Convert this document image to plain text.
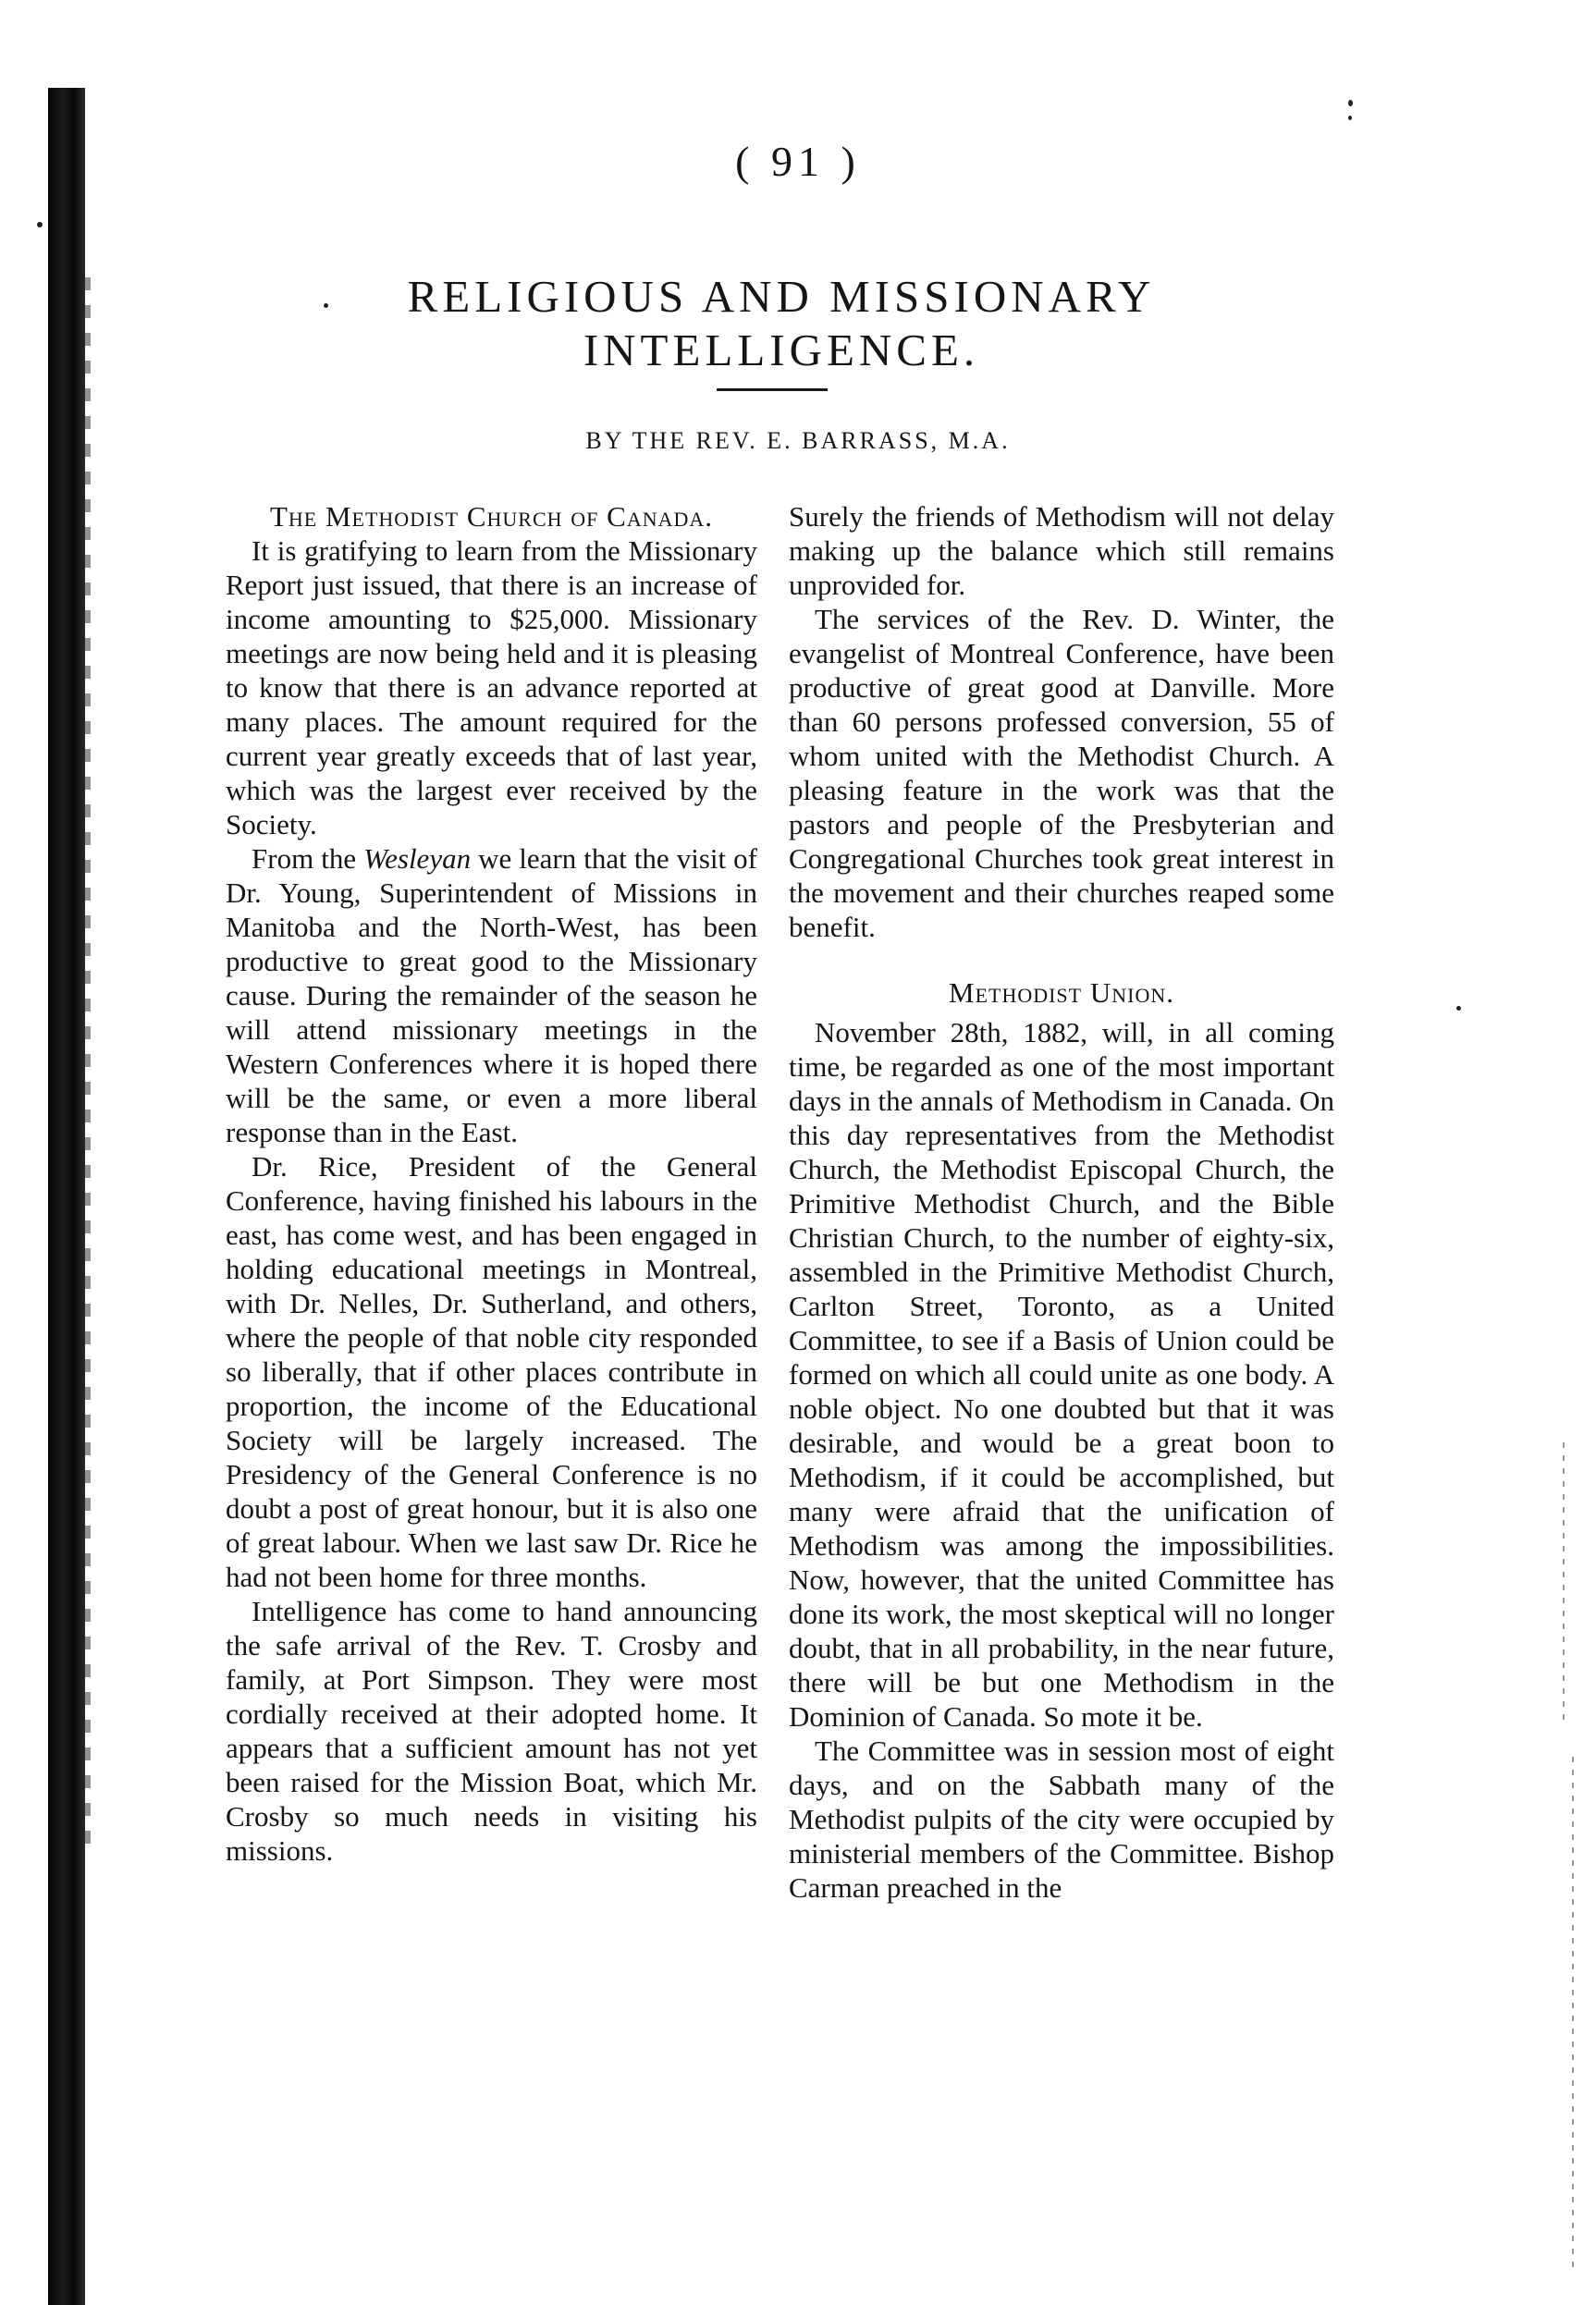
( 91 )
RELIGIOUS AND MISSIONARY
INTELLIGENCE.
BY THE REV. E. BARRASS, M.A.

The Methodist Church of Canada.

It is gratifying to learn from the Missionary Report just issued, that there is an increase of income amounting to $25,000. Missionary meetings are now being held and it is pleasing to know that there is an advance reported at many places. The amount required for the current year greatly exceeds that of last year, which was the largest ever received by the Society.

From the Wesleyan we learn that the visit of Dr. Young, Superintendent of Missions in Manitoba and the North-West, has been productive to great good to the Missionary cause. During the remainder of the season he will attend missionary meetings in the Western Conferences where it is hoped there will be the same, or even a more liberal response than in the East.

Dr. Rice, President of the General Conference, having finished his labours in the east, has come west, and has been engaged in holding educational meetings in Montreal, with Dr. Nelles, Dr. Sutherland, and others, where the people of that noble city responded so liberally, that if other places contribute in proportion, the income of the Educational Society will be largely increased. The Presidency of the General Conference is no doubt a post of great honour, but it is also one of great labour. When we last saw Dr. Rice he had not been home for three months.

Intelligence has come to hand announcing the safe arrival of the Rev. T. Crosby and family, at Port Simpson. They were most cordially received at their adopted home. It appears that a sufficient amount has not yet been raised for the Mission Boat, which Mr. Crosby so much needs in visiting his missions.

Surely the friends of Methodism will not delay making up the balance which still remains unprovided for.

The services of the Rev. D. Winter, the evangelist of Montreal Conference, have been productive of great good at Danville. More than 60 persons professed conversion, 55 of whom united with the Methodist Church. A pleasing feature in the work was that the pastors and people of the Presbyterian and Congregational Churches took great interest in the movement and their churches reaped some benefit.

Methodist Union.

November 28th, 1882, will, in all coming time, be regarded as one of the most important days in the annals of Methodism in Canada. On this day representatives from the Methodist Church, the Methodist Episcopal Church, the Primitive Methodist Church, and the Bible Christian Church, to the number of eighty-six, assembled in the Primitive Methodist Church, Carlton Street, Toronto, as a United Committee, to see if a Basis of Union could be formed on which all could unite as one body. A noble object. No one doubted but that it was desirable, and would be a great boon to Methodism, if it could be accomplished, but many were afraid that the unification of Methodism was among the impossibilities. Now, however, that the united Committee has done its work, the most skeptical will no longer doubt, that in all probability, in the near future, there will be but one Methodism in the Dominion of Canada. So mote it be.

The Committee was in session most of eight days, and on the Sabbath many of the Methodist pulpits of the city were occupied by ministerial members of the Committee. Bishop Carman preached in the
